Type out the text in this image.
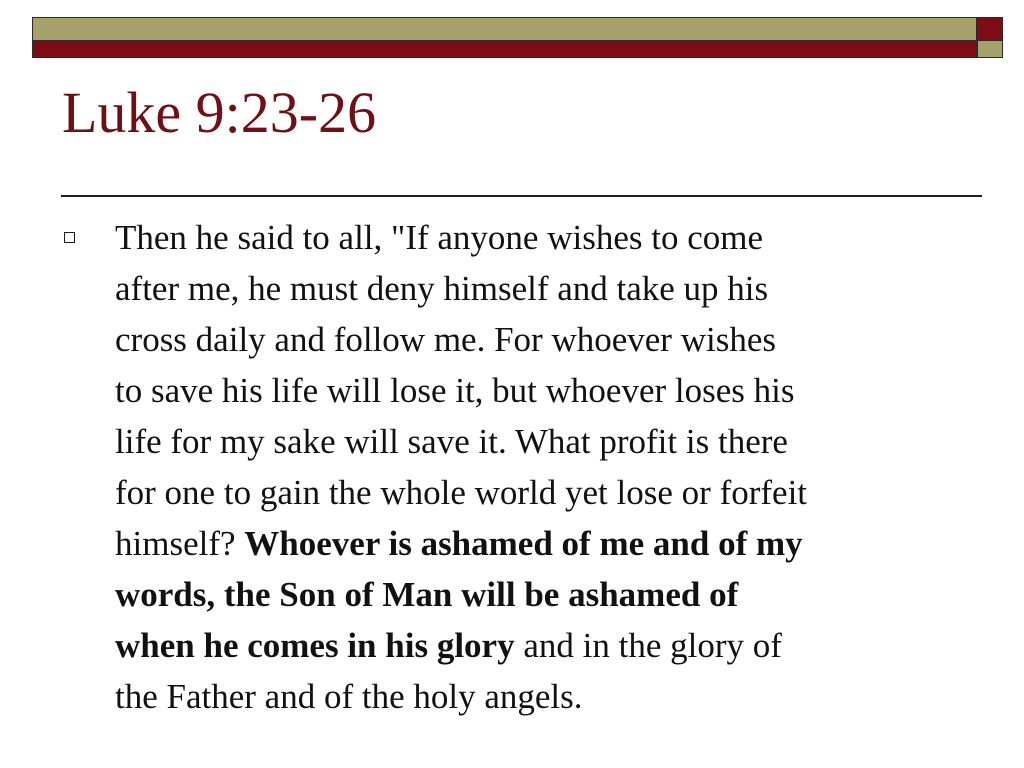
Luke 9:23-26

Then he said to all, "If anyone wishes to come
after me, he must deny himself and take up his
cross daily and follow me. For whoever wishes
to save his life will lose it, but whoever loses his
life for my sake will save it. What profit is there
for one to gain the whole world yet lose or forfeit
himself? Whoever is ashamed of me and of my
words, the Son of Man will be ashamed of
when he comes in his glory and in the glory of
the Father and of the holy angels.
